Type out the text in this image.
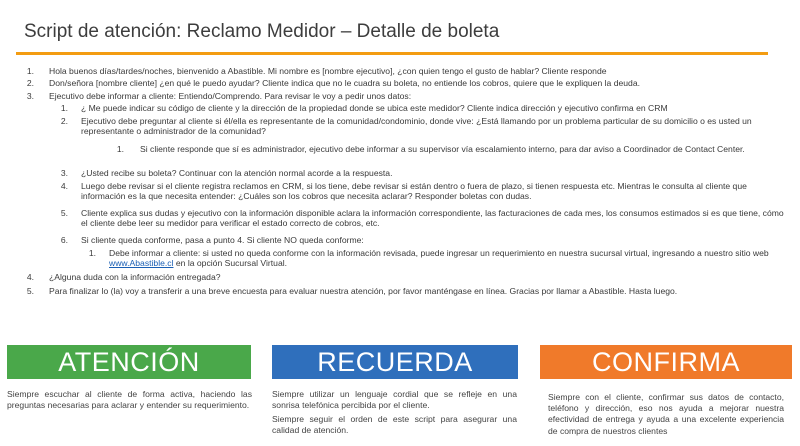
Script de atención: Reclamo Medidor – Detalle de boleta
1. Hola buenos días/tardes/noches, bienvenido a Abastible. Mi nombre es [nombre ejecutivo], ¿con quien tengo el gusto de hablar? Cliente responde
2. Don/señora [nombre cliente] ¿en qué le puedo ayudar? Cliente indica que no le cuadra su boleta, no entiende los cobros, quiere que le expliquen la deuda.
3. Ejecutivo debe informar a cliente: Entiendo/Comprendo. Para revisar le voy a pedir unos datos:
1. ¿ Me puede indicar su código de cliente y la dirección de la propiedad donde se ubica este medidor? Cliente indica dirección y ejecutivo confirma en CRM
2. Ejecutivo debe preguntar al cliente si él/ella es representante de la comunidad/condominio, donde vive: ¿Está llamando por un problema particular de su domicilio o es usted un representante o administrador de la comunidad?
1. Si cliente responde que sí es administrador, ejecutivo debe informar a su supervisor vía escalamiento interno, para dar aviso a Coordinador de Contact Center.
3. ¿Usted recibe su boleta? Continuar con la atención normal acorde a la respuesta.
4. Luego debe revisar si el cliente registra reclamos en CRM, si los tiene, debe revisar si están dentro o fuera de plazo, si tienen respuesta etc. Mientras le consulta al cliente que información es la que necesita entender: ¿Cuáles son los cobros que necesita aclarar? Responder boletas con dudas.
5. Cliente explica sus dudas y ejecutivo con la información disponible aclara la información correspondiente, las facturaciones de cada mes, los consumos estimados si es que tiene, cómo el cliente debe leer su medidor para verificar el estado correcto de cobros, etc.
6. Si cliente queda conforme, pasa a punto 4. Si cliente NO queda conforme:
1. Debe informar a cliente: si usted no queda conforme con la información revisada, puede ingresar un requerimiento en nuestra sucursal virtual, ingresando a nuestro sitio web www.Abastible.cl en la opción Sucursal Virtual.
4. ¿Alguna duda con la información entregada?
5. Para finalizar lo (la) voy a transferir a una breve encuesta para evaluar nuestra atención, por favor manténgase en línea. Gracias por llamar a Abastible. Hasta luego.
ATENCIÓN
Siempre escuchar al cliente de forma activa, haciendo las preguntas necesarias para aclarar y entender su requerimiento.
RECUERDA
Siempre utilizar un lenguaje cordial que se refleje en una sonrisa telefónica percibida por el cliente.
Siempre seguir el orden de este script para asegurar una calidad de atención.
CONFIRMA
Siempre con el cliente, confirmar sus datos de contacto, teléfono y dirección, eso nos ayuda a mejorar nuestra efectividad de entrega y ayuda a una excelente experiencia de compra de nuestros clientes
